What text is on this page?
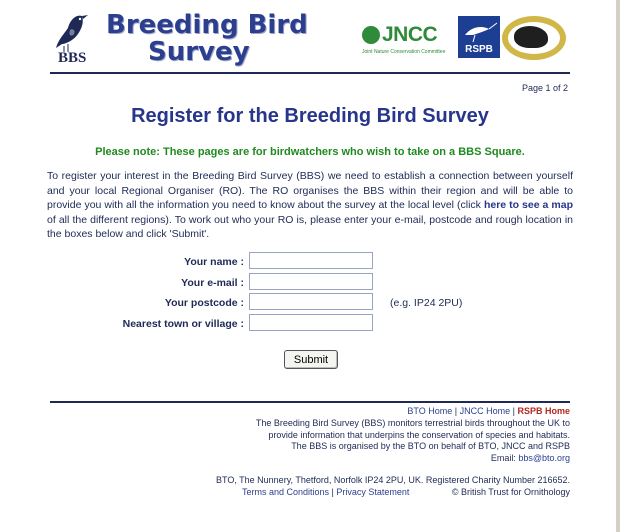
BBS
Breeding Bird
Survey
JNCC
Joint Nature Conservation Committee	RSPB
Page 1 of 2
Register for the Breeding Bird Survey
Please note: These pages are for birdwatchers who wish to take on a BBS Square.
To register your interest in the Breeding Bird Survey (BBS) we need to establish a connection between yourself and your local Regional Organiser (RO). The RO organises the BBS within their region and will be able to provide you with all the information you need to know about the survey at the local level (click here to see a map of all the different regions). To work out who your RO is, please enter your e-mail, postcode and rough location in the boxes below and click 'Submit'.
Your name :
Your e-mail :
Your postcode :	(e.g. IP24 2PU)
Nearest town or village :
Submit
BTO Home | JNCC Home | RSPB Home
The Breeding Bird Survey (BBS) monitors terrestrial birds throughout the UK to
provide information that underpins the conservation of species and habitats.
The BBS is organised by the BTO on behalf of BTO, JNCC and RSPB
Email: bbs@bto.org
BTO, The Nunnery, Thetford, Norfolk IP24 2PU, UK. Registered Charity Number 216652.
Terms and Conditions | Privacy Statement	© British Trust for Ornithology
